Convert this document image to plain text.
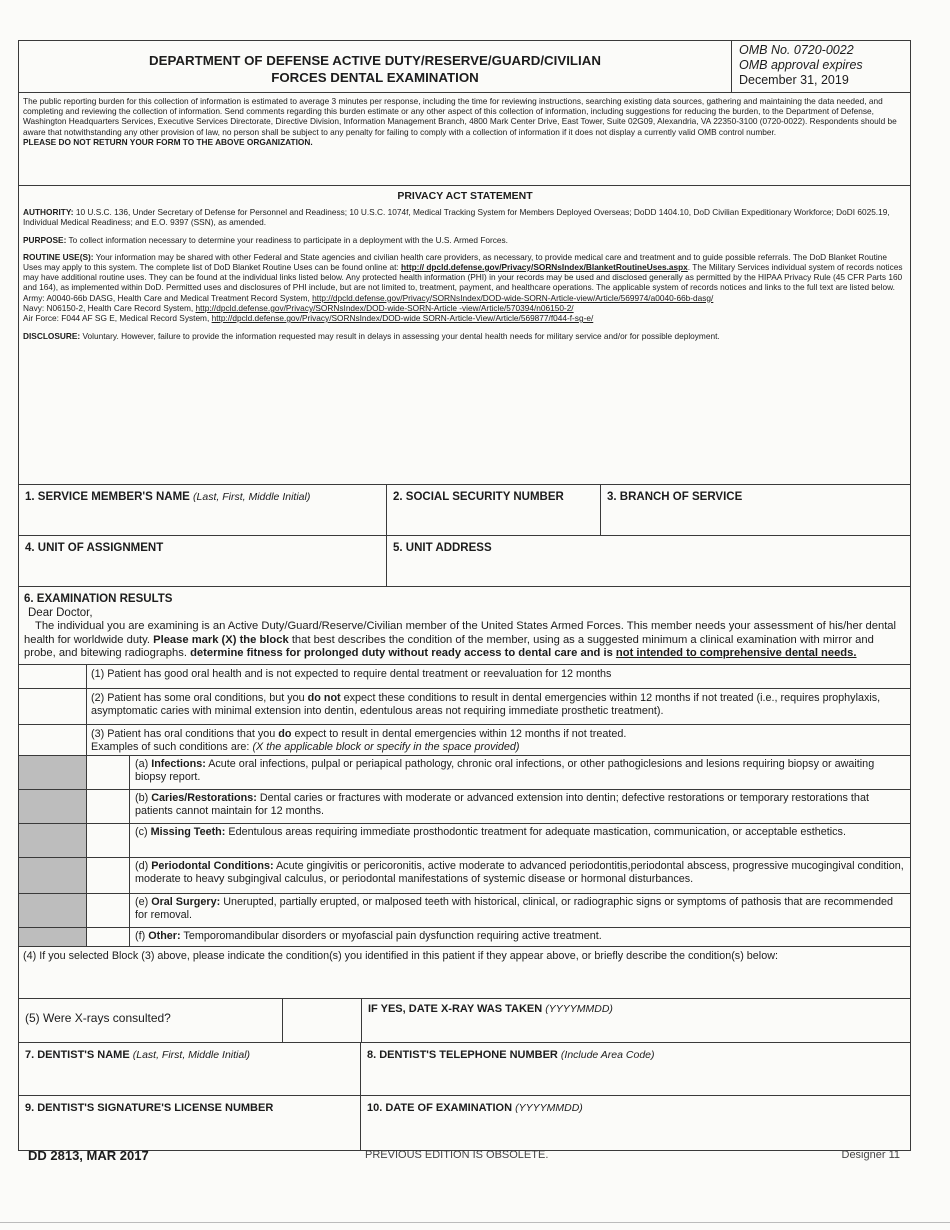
DEPARTMENT OF DEFENSE ACTIVE DUTY/RESERVE/GUARD/CIVILIAN
FORCES DENTAL EXAMINATION
OMB No. 0720-0022
OMB approval expires
December 31, 2019
The public reporting burden for this collection of information is estimated to average 3 minutes per response, including the time for reviewing instructions, searching existing data sources, gathering and maintaining the data needed, and completing and reviewing the collection of information. Send comments regarding this burden estimate or any other aspect of this collection of information, including suggestions for reducing the burden, to the Department of Defense, Washington Headquarters Services, Executive Services Directorate, Directive Division, Information Management Branch, 4800 Mark Center Drive, East Tower, Suite 02G09, Alexandria, VA 22350-3100 (0720-0022). Respondents should be aware that notwithstanding any other provision of law, no person shall be subject to any penalty for failing to comply with a collection of information if it does not display a currently valid OMB control number.
PLEASE DO NOT RETURN YOUR FORM TO THE ABOVE ORGANIZATION.
PRIVACY ACT STATEMENT

AUTHORITY: 10 U.S.C. 136, Under Secretary of Defense for Personnel and Readiness; 10 U.S.C. 1074f, Medical Tracking System for Members Deployed Overseas; DoDD 1404.10, DoD Civilian Expeditionary Workforce; DoDI 6025.19, Individual Medical Readiness; and E.O. 9397 (SSN), as amended.

PURPOSE: To collect information necessary to determine your readiness to participate in a deployment with the U.S. Armed Forces.

ROUTINE USE(S): Your information may be shared with other Federal and State agencies and civilian health care providers, as necessary, to provide medical care and treatment and to guide possible referrals. The DoD Blanket Routine Uses may apply to this system. The complete list of DoD Blanket Routine Uses can be found online at: http:// dpcld.defense.gov/Privacy/SORNsIndex/BlanketRoutineUses.aspx. The Military Services individual system of records notices may have additional routine uses. They can be found at the individual links listed below. Any protected health information (PHI) in your records may be used and disclosed generally as permitted by the HIPAA Privacy Rule (45 CFR Parts 160 and 164), as implemented within DoD. Permitted uses and disclosures of PHI include, but are not limited to, treatment, payment, and healthcare operations. The applicable system of records notices and links to the full text are listed below.
Army: A0040-66b DASG, Health Care and Medical Treatment Record System, http://dpcld.defense.gov/Privacy/SORNsIndex/DOD-wide-SORN-Article-view/Article/569974/a0040-66b-dasg/
Navy: N06150-2, Health Care Record System, http://dpcld.defense.gov/Privacy/SORNsIndex/DOD-wide-SORN-Article -view/Article/570394/n06150-2/
Air Force: F044 AF SG E, Medical Record System, http://dpcld.defense.gov/Privacy/SORNsIndex/DOD-wide SORN-Article-View/Article/569877/f044-f-sg-e/

DISCLOSURE: Voluntary. However, failure to provide the information requested may result in delays in assessing your dental health needs for military service and/or for possible deployment.

1. SERVICE MEMBER'S NAME (Last, First, Middle Initial)	2. SOCIAL SECURITY NUMBER	3. BRANCH OF SERVICE
4. UNIT OF ASSIGNMENT	5. UNIT ADDRESS
6. EXAMINATION RESULTS
Dear Doctor,
The individual you are examining is an Active Duty/Guard/Reserve/Civilian member of the United States Armed Forces. This member needs your assessment of his/her dental health for worldwide duty. Please mark (X) the block that best describes the condition of the member, using as a suggested minimum a clinical examination with mirror and probe, and bitewing radiographs. determine fitness for prolonged duty without ready access to dental care and is not intended to comprehensive dental needs.
(1) Patient has good oral health and is not expected to require dental treatment or reevaluation for 12 months
(2) Patient has some oral conditions, but you do not expect these conditions to result in dental emergencies within 12 months if not treated (i.e., requires prophylaxis, asymptomatic caries with minimal extension into dentin, edentulous areas not requiring immediate prosthetic treatment).
(3) Patient has oral conditions that you do expect to result in dental emergencies within 12 months if not treated.
Examples of such conditions are: (X the applicable block or specify in the space provided)
(a) Infections: Acute oral infections, pulpal or periapical pathology, chronic oral infections, or other pathogiclesions and lesions requiring biopsy or awaiting biopsy report.
(b) Caries/Restorations: Dental caries or fractures with moderate or advanced extension into dentin; defective restorations or temporary restorations that patients cannot maintain for 12 months.
(c) Missing Teeth: Edentulous areas requiring immediate prosthodontic treatment for adequate mastication, communication, or acceptable esthetics.
(d) Periodontal Conditions: Acute gingivitis or pericoronitis, active moderate to advanced periodontitis,periodontal abscess, progressive mucogingival condition, moderate to heavy subgingival calculus, or periodontal manifestations of systemic disease or hormonal disturbances.
(e) Oral Surgery: Unerupted, partially erupted, or malposed teeth with historical, clinical, or radiographic signs or symptoms of pathosis that are recommended for removal.
(f) Other: Temporomandibular disorders or myofascial pain dysfunction requiring active treatment.
(4) If you selected Block (3) above, please indicate the condition(s) you identified in this patient if they appear above, or briefly describe the condition(s) below:
(5) Were X-rays consulted?
IF YES, DATE X-RAY WAS TAKEN (YYYYMMDD)
7. DENTIST'S NAME (Last, First, Middle Initial)	8. DENTIST'S TELEPHONE NUMBER (Include Area Code)
9. DENTIST'S SIGNATURE'S LICENSE NUMBER	10. DATE OF EXAMINATION (YYYYMMDD)
DD 2813, MAR 2017	PREVIOUS EDITION IS OBSOLETE.	Designer 11
